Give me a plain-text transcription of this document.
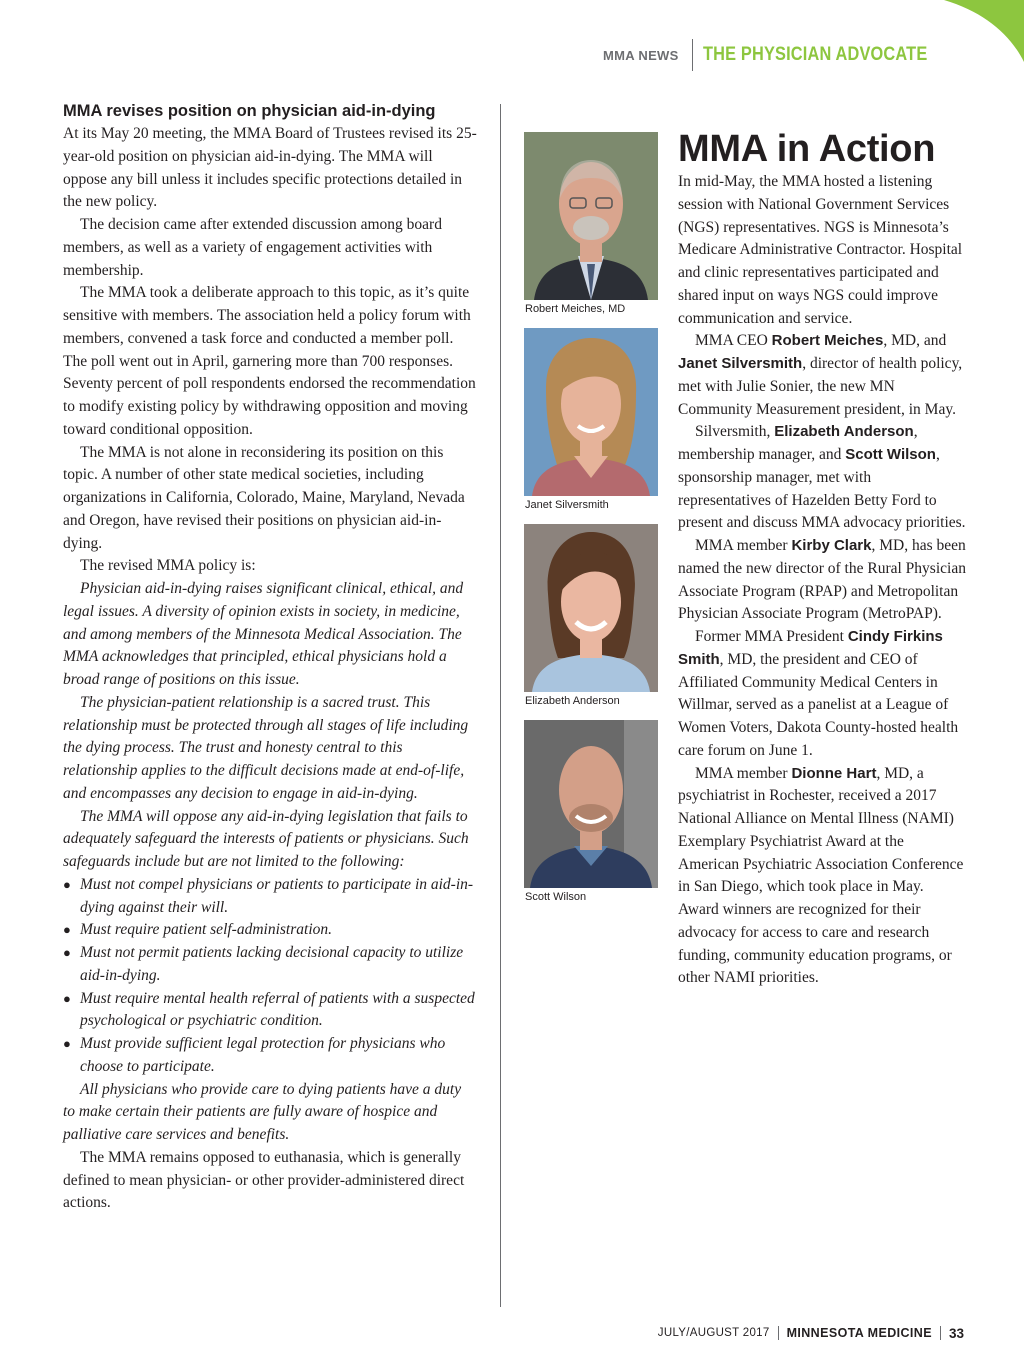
MMA NEWS THE PHYSICIAN ADVOCATE
MMA revises position on physician aid-in-dying

At its May 20 meeting, the MMA Board of Trustees revised its 25-year-old position on physician aid-in-dying. The MMA will oppose any bill unless it includes specific protections detailed in the new policy.

The decision came after extended discussion among board members, as well as a variety of engagement activities with membership.

The MMA took a deliberate approach to this topic, as it’s quite sensitive with members. The association held a policy forum with members, convened a task force and conducted a member poll. The poll went out in April, garnering more than 700 responses. Seventy percent of poll respondents endorsed the recommendation to modify existing policy by withdrawing opposition and moving toward conditional opposition.

The MMA is not alone in reconsidering its position on this topic. A number of other state medical societies, including organizations in California, Colorado, Maine, Maryland, Nevada and Oregon, have revised their positions on physician aid-in-dying.

The revised MMA policy is:

Physician aid-in-dying raises significant clinical, ethical, and legal issues. A diversity of opinion exists in society, in medicine, and among members of the Minnesota Medical Association. The MMA acknowledges that principled, ethical physicians hold a broad range of positions on this issue.

The physician-patient relationship is a sacred trust. This relationship must be protected through all stages of life including the dying process. The trust and honesty central to this relationship applies to the difficult decisions made at end-of-life, and encompasses any decision to engage in aid-in-dying.

The MMA will oppose any aid-in-dying legislation that fails to adequately safeguard the interests of patients or physicians. Such safeguards include but are not limited to the following:

● Must not compel physicians or patients to participate in aid-in-dying against their will.
● Must require patient self-administration.
● Must not permit patients lacking decisional capacity to utilize aid-in-dying.
● Must require mental health referral of patients with a suspected psychological or psychiatric condition.
● Must provide sufficient legal protection for physicians who choose to participate.

All physicians who provide care to dying patients have a duty to make certain their patients are fully aware of hospice and palliative care services and benefits.

The MMA remains opposed to euthanasia, which is generally defined to mean physician- or other provider-administered direct actions.

Robert Meiches, MD
Janet Silversmith
Elizabeth Anderson
Scott Wilson
MMA in Action

In mid-May, the MMA hosted a listening session with National Government Services (NGS) representatives. NGS is Minnesota’s Medicare Administrative Contractor. Hospital and clinic representatives participated and shared input on ways NGS could improve communication and service.

MMA CEO Robert Meiches, MD, and Janet Silversmith, director of health policy, met with Julie Sonier, the new MN Community Measurement president, in May.

Silversmith, Elizabeth Anderson, membership manager, and Scott Wilson, sponsorship manager, met with representatives of Hazelden Betty Ford to present and discuss MMA advocacy priorities.

MMA member Kirby Clark, MD, has been named the new director of the Rural Physician Associate Program (RPAP) and Metropolitan Physician Associate Program (MetroPAP).

Former MMA President Cindy Firkins Smith, MD, the president and CEO of Affiliated Community Medical Centers in Willmar, served as a panelist at a League of Women Voters, Dakota County-hosted health care forum on June 1.

MMA member Dionne Hart, MD, a psychiatrist in Rochester, received a 2017 National Alliance on Mental Illness (NAMI) Exemplary Psychiatrist Award at the American Psychiatric Association Conference in San Diego, which took place in May. Award winners are recognized for their advocacy for access to care and research funding, community education programs, or other NAMI priorities.

JULY/AUGUST 2017 MINNESOTA MEDICINE 33
